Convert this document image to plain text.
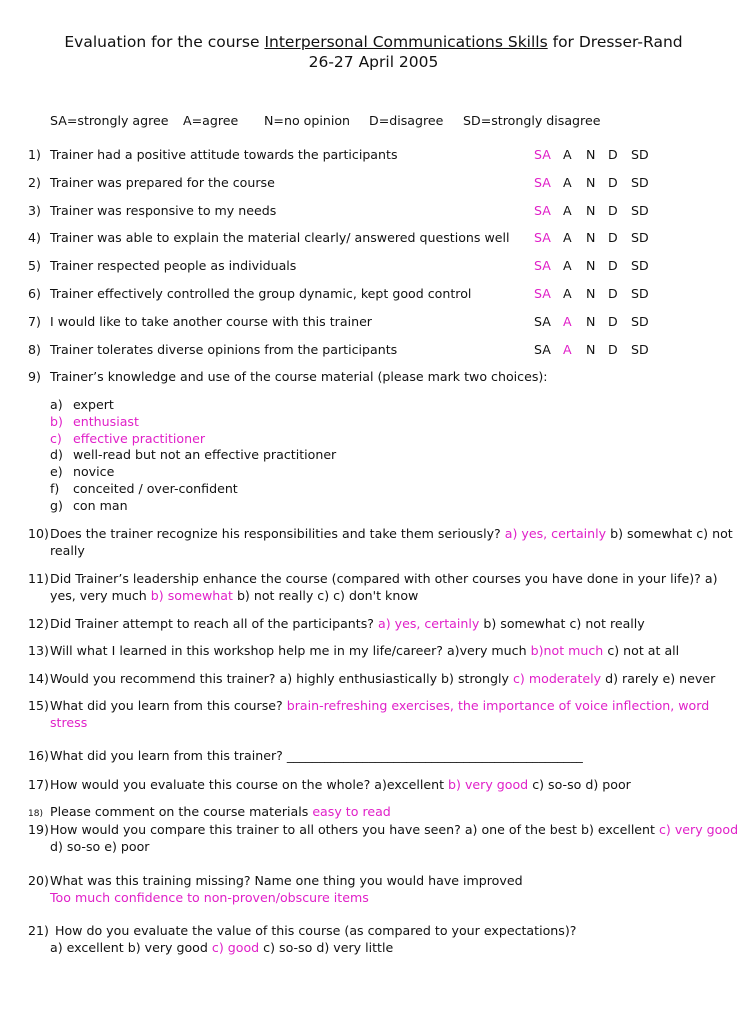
Evaluation for the course Interpersonal Communications Skills for Dresser-Rand
26-27 April 2005
SA=strongly agree A=agree N=no opinion D=disagree SD=strongly disagree
1) Trainer had a positive attitude towards the participants	SA A	N D	SD
2) Trainer was prepared for the course	SA A	N D	SD
3) Trainer was responsive to my needs	SA A	N D	SD
4) Trainer was able to explain the material clearly/ answered questions well SA A	N D	SD
5) Trainer respected people as individuals	SA A	N D	SD
6) Trainer effectively controlled the group dynamic, kept good control	SA A	N D	SD
7) I would like to take another course with this trainer	SA A	N D	SD
8) Trainer tolerates diverse opinions from the participants	SA A	N D	SD
9) Trainer’s knowledge and use of the course material (please mark two choices):
a) expert
b) enthusiast
c) effective practitioner
d) well-read but not an effective practitioner
e) novice
f) conceited / over-confident
g) con man
10) Does the trainer recognize his responsibilities and take them seriously? a) yes, certainly b) somewhat c) not
really
11) Did Trainer’s leadership enhance the course (compared with other courses you have done in your life)? a)
yes, very much b) somewhat b) not really c) c) don't know
12) Did Trainer attempt to reach all of the participants? a) yes, certainly b) somewhat c) not really
13) Will what I learned in this workshop help me in my life/career? a)very much b)not much c) not at all
14) Would you recommend this trainer? a) highly enthusiastically b) strongly c) moderately d) rarely e) never
15) What did you learn from this course? brain-refreshing exercises, the importance of voice inflection, word
stress
16) What did you learn from this trainer? _______________________________________________
17) How would you evaluate this course on the whole? a)excellent b) very good c) so-so d) poor
18) Please comment on the course materials easy to read
19) How would you compare this trainer to all others you have seen? a) one of the best b) excellent c) very good
d) so-so e) poor
20) What was this training missing? Name one thing you would have improved
Too much confidence to non-proven/obscure items
21) How do you evaluate the value of this course (as compared to your expectations)?
a) excellent b) very good c) good c) so-so d) very little
